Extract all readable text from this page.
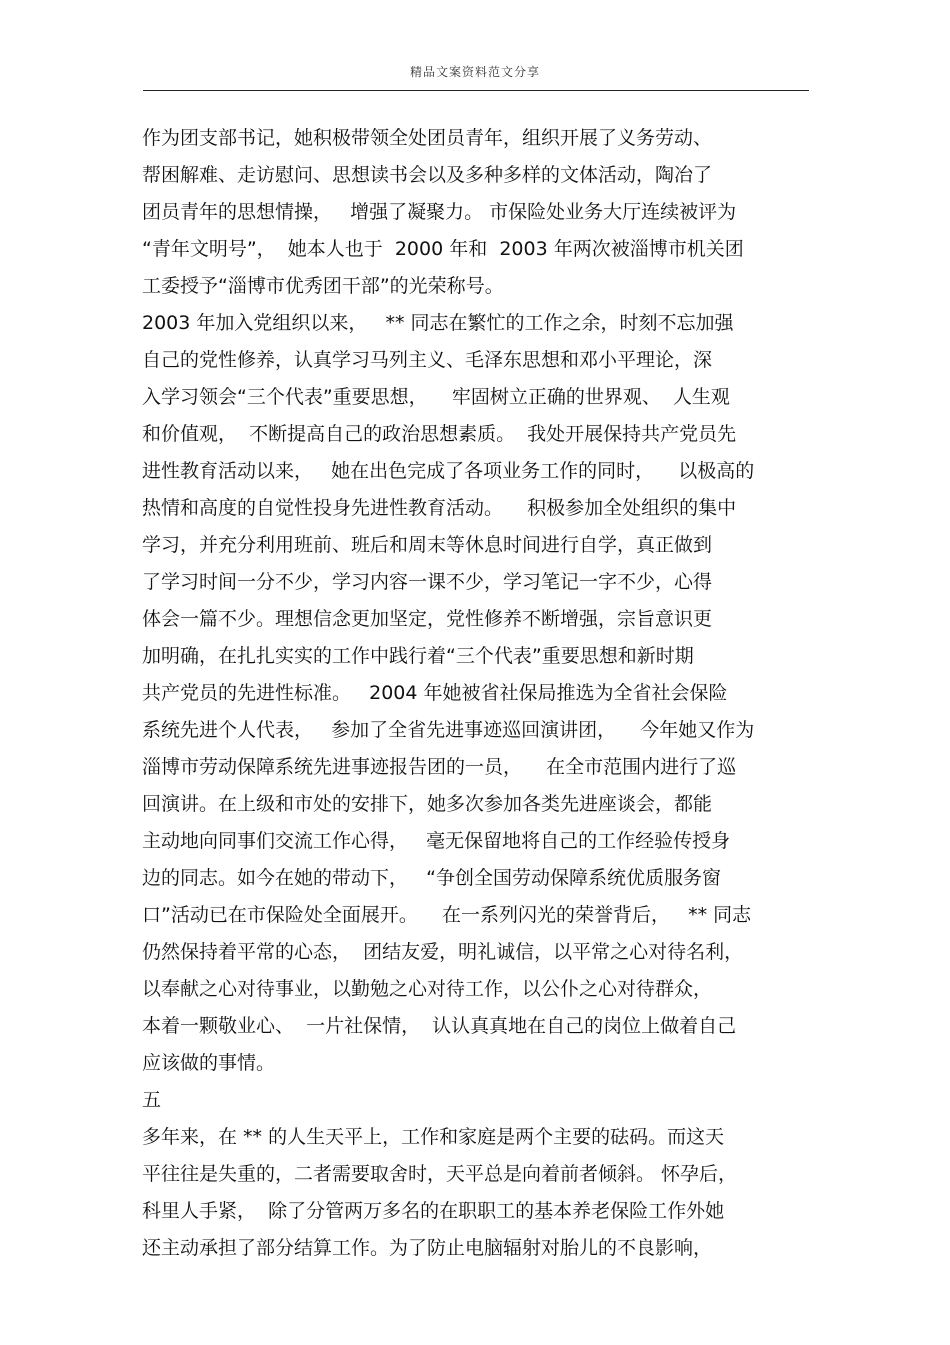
精品文案资料范文分享
作为团支部书记，她积极带领全处团员青年，组织开展了义务劳动、
帮困解难、走访慰问、思想读书会以及多种多样的文体活动，陶冶了
团员青年的思想情操，   增强了凝聚力。 市保险处业务大厅连续被评为
“青年文明号”，  她本人也于  2000 年和  2003 年两次被淄博市机关团
工委授予“淄博市优秀团干部”的光荣称号。
2003 年加入党组织以来，   ** 同志在繁忙的工作之余，时刻不忘加强
自己的党性修养，认真学习马列主义、毛泽东思想和邓小平理论，深
入学习领会“三个代表”重要思想，    牢固树立正确的世界观、  人生观
和价值观，  不断提高自己的政治思想素质。  我处开展保持共产党员先
进性教育活动以来，   她在出色完成了各项业务工作的同时，    以极高的
热情和高度的自觉性投身先进性教育活动。    积极参加全处组织的集中
学习，并充分利用班前、班后和周末等休息时间进行自学，真正做到
了学习时间一分不少，学习内容一课不少，学习笔记一字不少，心得
体会一篇不少。理想信念更加坚定，党性修养不断增强，宗旨意识更
加明确，在扎扎实实的工作中践行着“三个代表”重要思想和新时期
共产党员的先进性标准。   2004 年她被省社保局推选为全省社会保险
系统先进个人代表，   参加了全省先进事迹巡回演讲团，    今年她又作为
淄博市劳动保障系统先进事迹报告团的一员，    在全市范围内进行了巡
回演讲。在上级和市处的安排下，她多次参加各类先进座谈会，都能
主动地向同事们交流工作心得，   毫无保留地将自己的工作经验传授身
边的同志。如今在她的带动下，   “争创全国劳动保障系统优质服务窗
口”活动已在市保险处全面展开。    在一系列闪光的荣誉背后，   ** 同志
仍然保持着平常的心态，  团结友爱，明礼诚信，以平常之心对待名利，
以奉献之心对待事业，以勤勉之心对待工作，以公仆之心对待群众，
本着一颗敬业心、  一片社保情，  认认真真地在自己的岗位上做着自己
应该做的事情。
五
多年来，在 ** 的人生天平上，工作和家庭是两个主要的砝码。而这天
平往往是失重的，二者需要取舍时，天平总是向着前者倾斜。 怀孕后，
科里人手紧，  除了分管两万多名的在职职工的基本养老保险工作外她
还主动承担了部分结算工作。为了防止电脑辐射对胎儿的不良影响，
